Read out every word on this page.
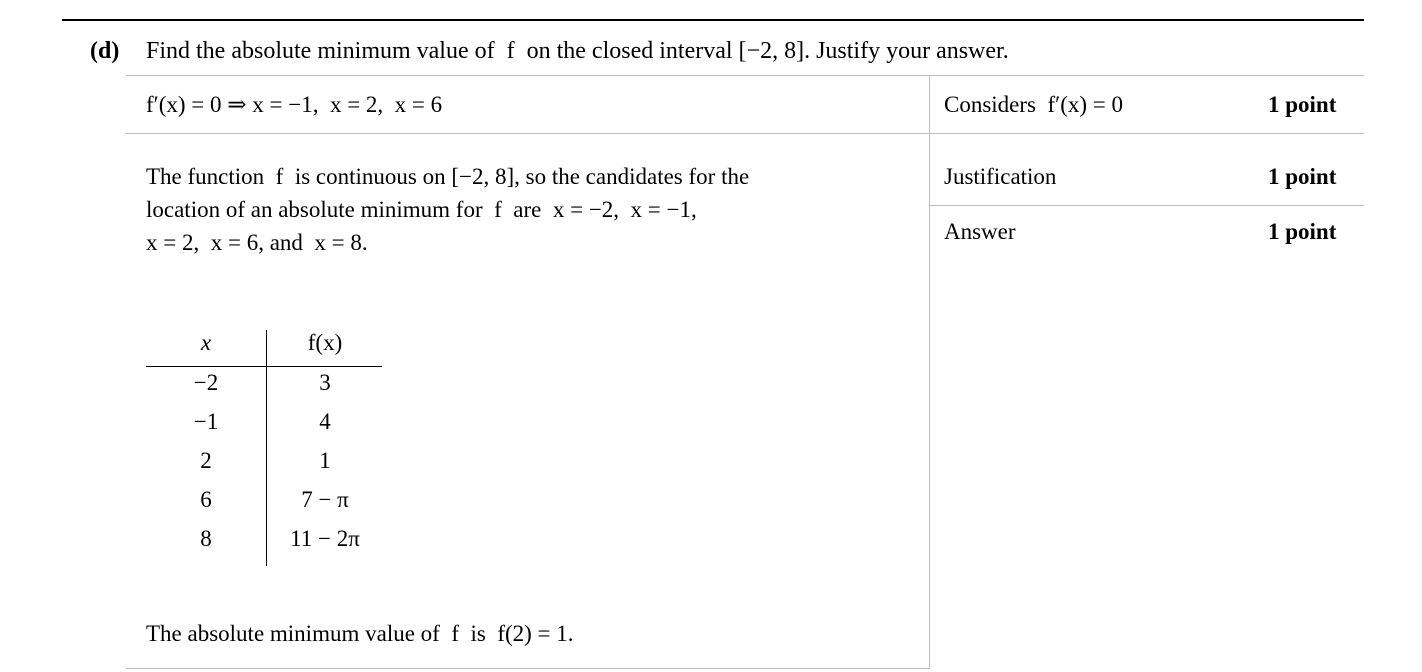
(d) Find the absolute minimum value of  f  on the closed interval [−2, 8]. Justify your answer.
f′(x) = 0 ⇒ x = −1,  x = 2,  x = 6
The function  f  is continuous on [−2, 8], so the candidates for the
location of an absolute minimum for  f  are  x = −2,  x = −1,
x = 2,  x = 6, and  x = 8.
x	f(x)
−2	3
−1	4
2	1
6	7 − π
8	11 − 2π
The absolute minimum value of  f  is  f(2) = 1.
Considers  f′(x) = 0	1 point
Justification	1 point
Answer	1 point
